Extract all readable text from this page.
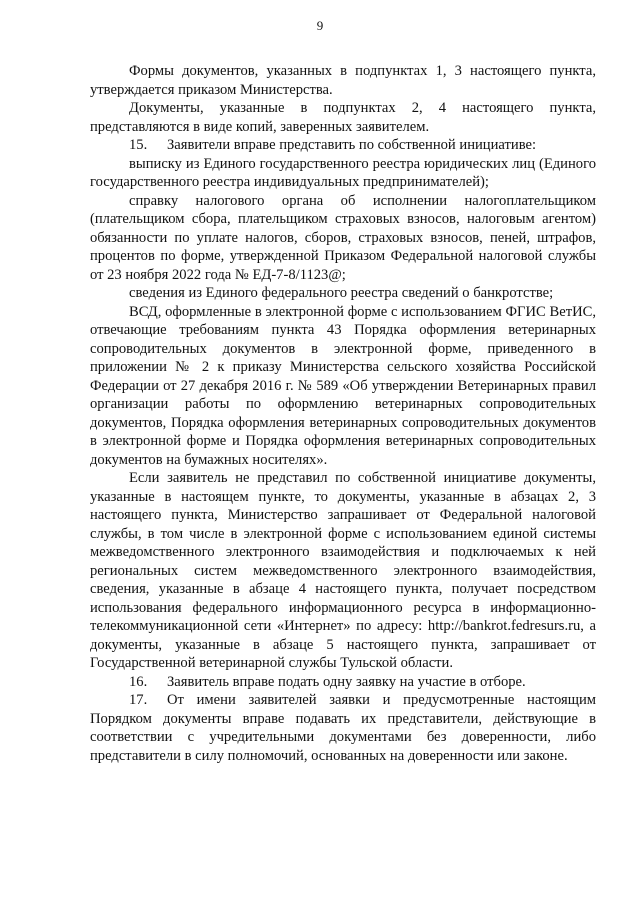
9

Формы документов, указанных в подпунктах 1, 3 настоящего пункта, утверждается приказом Министерства.

Документы, указанные в подпунктах 2, 4 настоящего пункта, представляются в виде копий, заверенных заявителем.

15. Заявители вправе представить по собственной инициативе:

выписку из Единого государственного реестра юридических лиц (Единого государственного реестра индивидуальных предпринимателей);

справку налогового органа об исполнении налогоплательщиком (плательщиком сбора, плательщиком страховых взносов, налоговым агентом) обязанности по уплате налогов, сборов, страховых взносов, пеней, штрафов, процентов по форме, утвержденной Приказом Федеральной налоговой службы от 23 ноября 2022 года № ЕД-7-8/1123@;

сведения из Единого федерального реестра сведений о банкротстве;

ВСД, оформленные в электронной форме с использованием ФГИС ВетИС, отвечающие требованиям пункта 43 Порядка оформления ветеринарных сопроводительных документов в электронной форме, приведенного в приложении № 2 к приказу Министерства сельского хозяйства Российской Федерации от 27 декабря 2016 г. № 589 «Об утверждении Ветеринарных правил организации работы по оформлению ветеринарных сопроводительных документов, Порядка оформления ветеринарных сопроводительных документов в электронной форме и Порядка оформления ветеринарных сопроводительных документов на бумажных носителях».

Если заявитель не представил по собственной инициативе документы, указанные в настоящем пункте, то документы, указанные в абзацах 2, 3 настоящего пункта, Министерство запрашивает от Федеральной налоговой службы, в том числе в электронной форме с использованием единой системы межведомственного электронного взаимодействия и подключаемых к ней региональных систем межведомственного электронного взаимодействия, сведения, указанные в абзаце 4 настоящего пункта, получает посредством использования федерального информационного ресурса в информационно-телекоммуникационной сети «Интернет» по адресу: http://bankrot.fedresurs.ru, а документы, указанные в абзаце 5 настоящего пункта, запрашивает от Государственной ветеринарной службы Тульской области.

16. Заявитель вправе подать одну заявку на участие в отборе.

17. От имени заявителей заявки и предусмотренные настоящим Порядком документы вправе подавать их представители, действующие в соответствии с учредительными документами без доверенности, либо представители в силу полномочий, основанных на доверенности или законе.
